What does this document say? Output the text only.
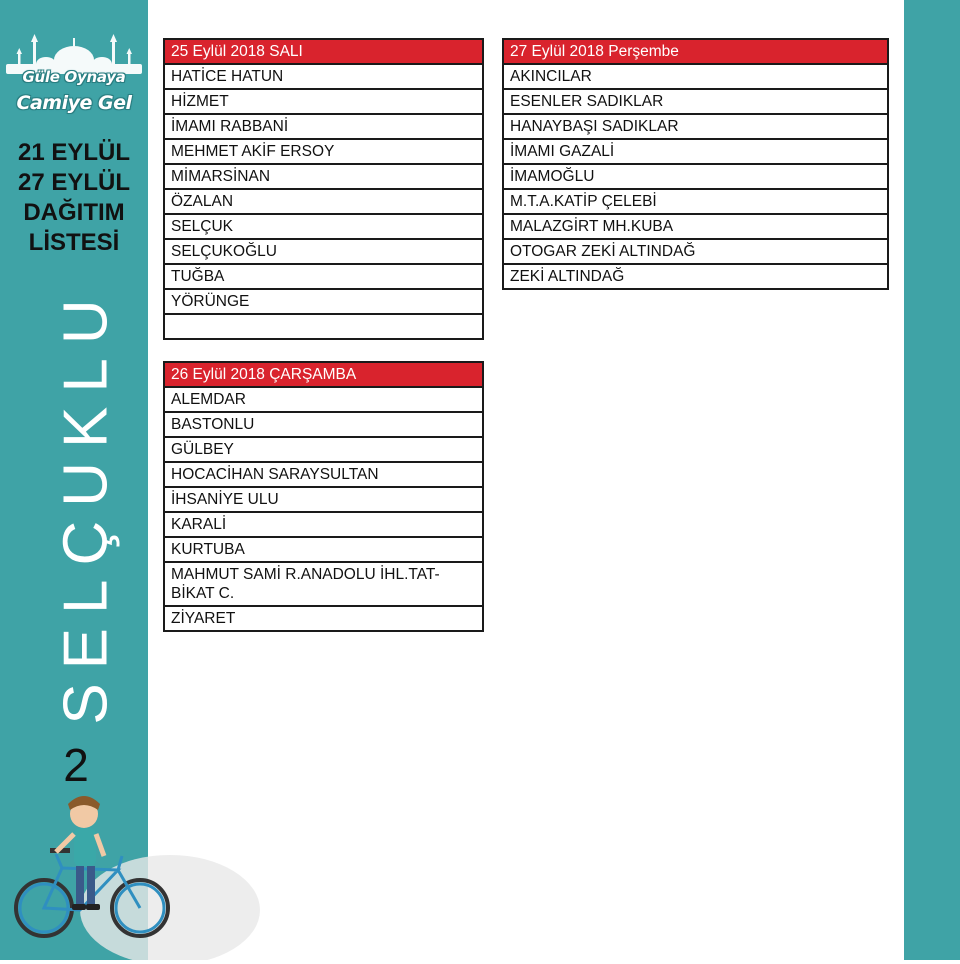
Güle Oynaya
Camiye Gel
21 EYLÜL
27 EYLÜL
DAĞITIM
LİSTESİ
SELÇUKLU
2
25 Eylül 2018 SALI
HATİCE HATUN
HİZMET
İMAMI RABBANİ
MEHMET AKİF ERSOY
MİMARSİNAN
ÖZALAN
SELÇUK
SELÇUKOĞLU
TUĞBA
YÖRÜNGE

26 Eylül 2018 ÇARŞAMBA
ALEMDAR
BASTONLU
GÜLBEY
HOCACİHAN SARAYSULTAN
İHSANİYE ULU
KARALİ
KURTUBA
MAHMUT SAMİ R.ANADOLU İHL.TAT-BİKAT C.
ZİYARET
27 Eylül 2018 Perşembe
AKINCILAR
ESENLER SADIKLAR
HANAYBAŞI SADIKLAR
İMAMI GAZALİ
İMAMOĞLU
M.T.A.KATİP ÇELEBİ
MALAZGİRT MH.KUBA
OTOGAR ZEKİ ALTINDAĞ
ZEKİ ALTINDAĞ
